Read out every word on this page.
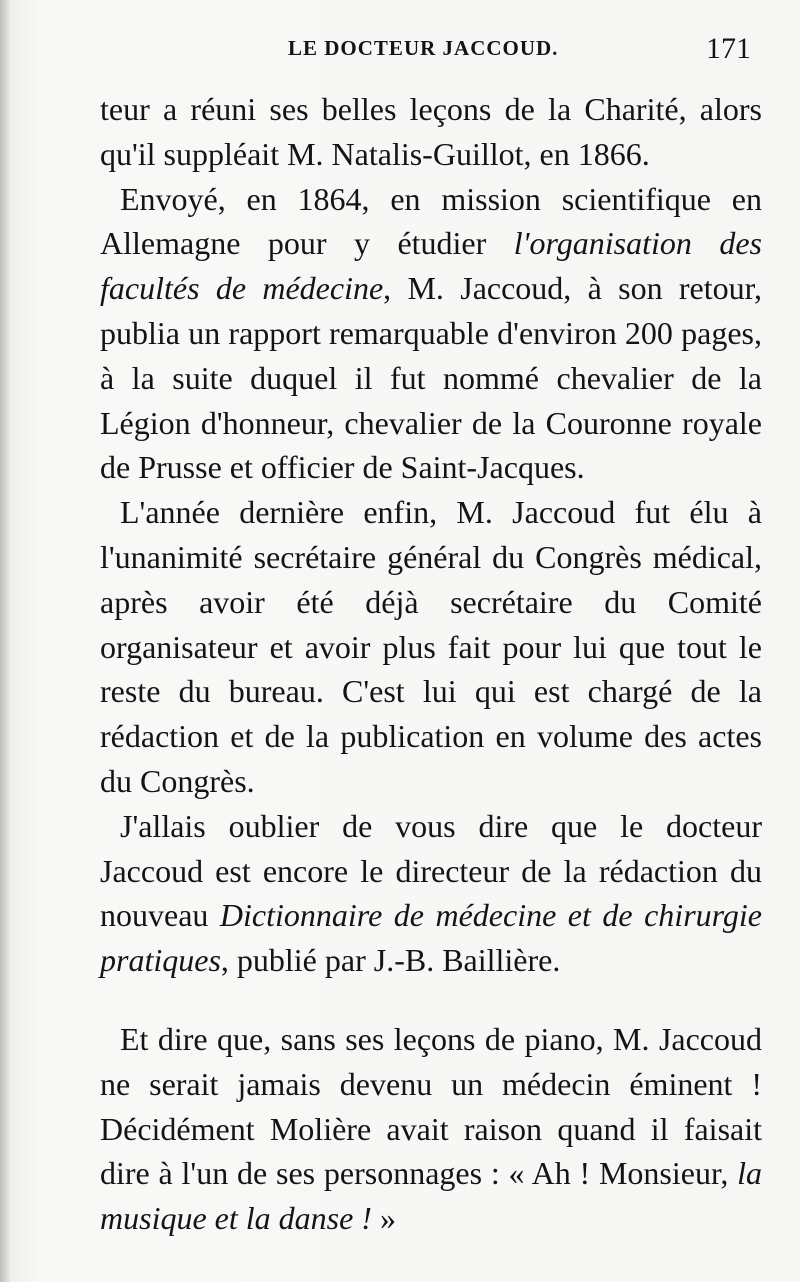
LE DOCTEUR JACCOUD.	171

teur a réuni ses belles leçons de la Charité, alors qu'il suppléait M. Natalis-Guillot, en 1866.

Envoyé, en 1864, en mission scientifique en Allemagne pour y étudier l'organisation des facultés de médecine, M. Jaccoud, à son retour, publia un rapport remarquable d'environ 200 pages, à la suite duquel il fut nommé chevalier de la Légion d'honneur, chevalier de la Couronne royale de Prusse et officier de Saint-Jacques.

L'année dernière enfin, M. Jaccoud fut élu à l'unanimité secrétaire général du Congrès médical, après avoir été déjà secrétaire du Comité organisateur et avoir plus fait pour lui que tout le reste du bureau. C'est lui qui est chargé de la rédaction et de la publication en volume des actes du Congrès.

J'allais oublier de vous dire que le docteur Jaccoud est encore le directeur de la rédaction du nouveau Dictionnaire de médecine et de chirurgie pratiques, publié par J.-B. Baillière.

Et dire que, sans ses leçons de piano, M. Jaccoud ne serait jamais devenu un médecin éminent ! Décidément Molière avait raison quand il faisait dire à l'un de ses personnages : « Ah ! Monsieur, la musique et la danse ! »
